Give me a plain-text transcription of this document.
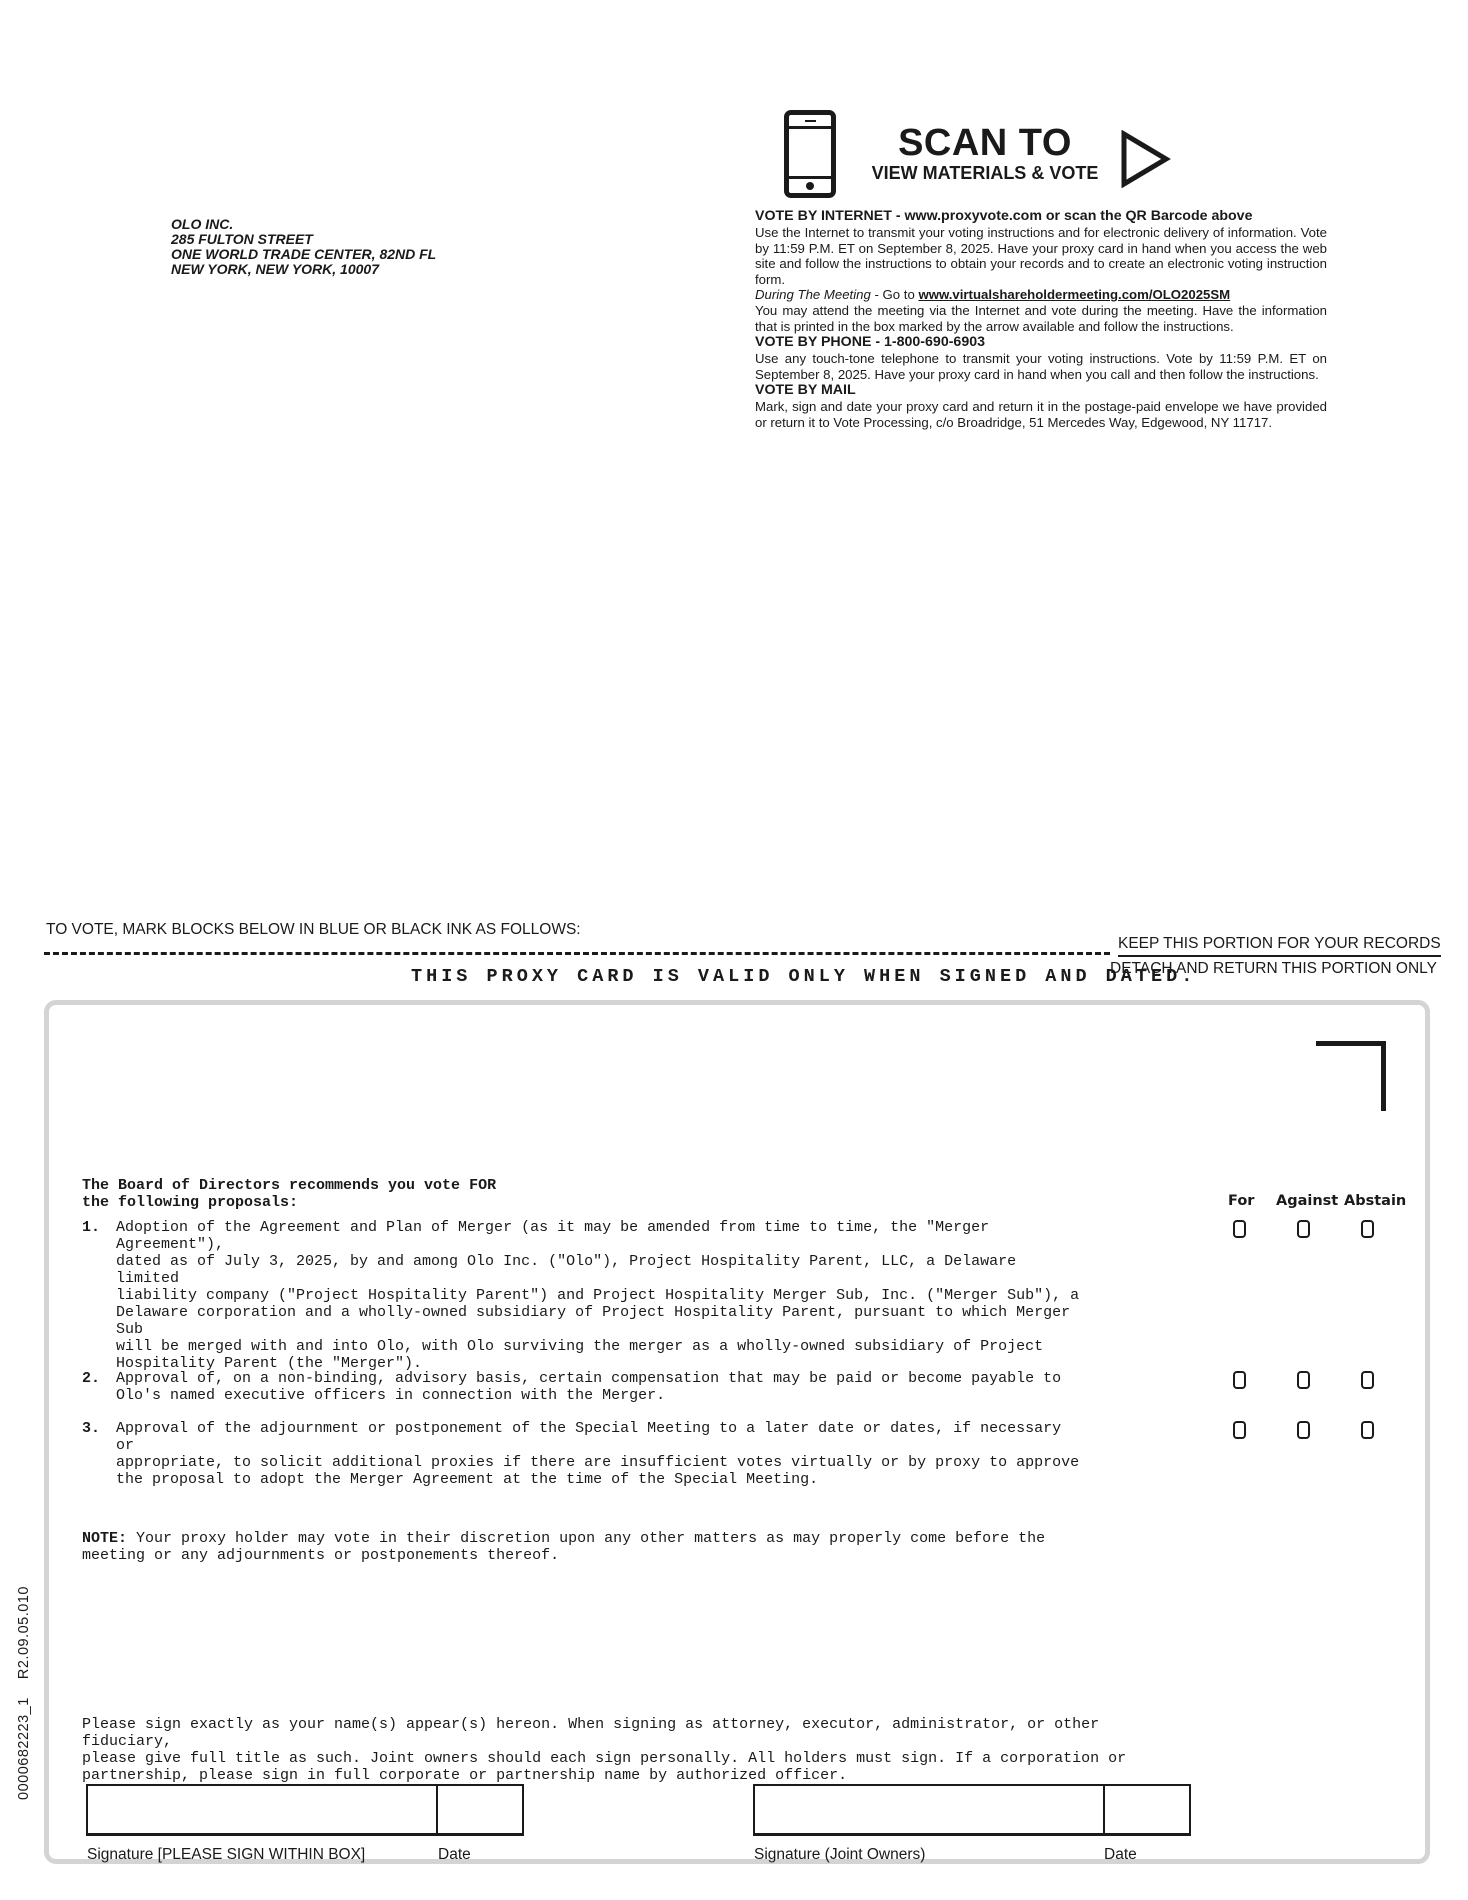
OLO INC.
285 FULTON STREET
ONE WORLD TRADE CENTER, 82ND FL
NEW YORK, NEW YORK, 10007
SCAN TO
VIEW MATERIALS & VOTE
VOTE BY INTERNET - www.proxyvote.com or scan the QR Barcode above

Use the Internet to transmit your voting instructions and for electronic delivery of information. Vote by 11:59 P.M. ET on September 8, 2025. Have your proxy card in hand when you access the web site and follow the instructions to obtain your records and to create an electronic voting instruction form.

During The Meeting - Go to www.virtualshareholdermeeting.com/OLO2025SM

You may attend the meeting via the Internet and vote during the meeting. Have the information that is printed in the box marked by the arrow available and follow the instructions.

VOTE BY PHONE - 1-800-690-6903

Use any touch-tone telephone to transmit your voting instructions. Vote by 11:59 P.M. ET on September 8, 2025. Have your proxy card in hand when you call and then follow the instructions.

VOTE BY MAIL

Mark, sign and date your proxy card and return it in the postage-paid envelope we have provided or return it to Vote Processing, c/o Broadridge, 51 Mercedes Way, Edgewood, NY 11717.

TO VOTE, MARK BLOCKS BELOW IN BLUE OR BLACK INK AS FOLLOWS:
KEEP THIS PORTION FOR YOUR RECORDS
DETACH AND RETURN THIS PORTION ONLY
THIS PROXY CARD IS VALID ONLY WHEN SIGNED AND DATED.
The Board of Directors recommends you vote FOR
the following proposals:	For Against Abstain
1. Adoption of the Agreement and Plan of Merger (as it may be amended from time to time, the "Merger Agreement"),
dated as of July 3, 2025, by and among Olo Inc. ("Olo"), Project Hospitality Parent, LLC, a Delaware limited
liability company ("Project Hospitality Parent") and Project Hospitality Merger Sub, Inc. ("Merger Sub"), a
Delaware corporation and a wholly-owned subsidiary of Project Hospitality Parent, pursuant to which Merger Sub
will be merged with and into Olo, with Olo surviving the merger as a wholly-owned subsidiary of Project
Hospitality Parent (the "Merger").
2. Approval of, on a non-binding, advisory basis, certain compensation that may be paid or become payable to
Olo's named executive officers in connection with the Merger.
3. Approval of the adjournment or postponement of the Special Meeting to a later date or dates, if necessary or
appropriate, to solicit additional proxies if there are insufficient votes virtually or by proxy to approve
the proposal to adopt the Merger Agreement at the time of the Special Meeting.
NOTE: Your proxy holder may vote in their discretion upon any other matters as may properly come before the
meeting or any adjournments or postponements thereof.
Please sign exactly as your name(s) appear(s) hereon. When signing as attorney, executor, administrator, or other fiduciary,
please give full title as such. Joint owners should each sign personally. All holders must sign. If a corporation or
partnership, please sign in full corporate or partnership name by authorized officer.
Signature [PLEASE SIGN WITHIN BOX]	Date	Signature (Joint Owners)	Date
0000682223_1    R2.09.05.010
